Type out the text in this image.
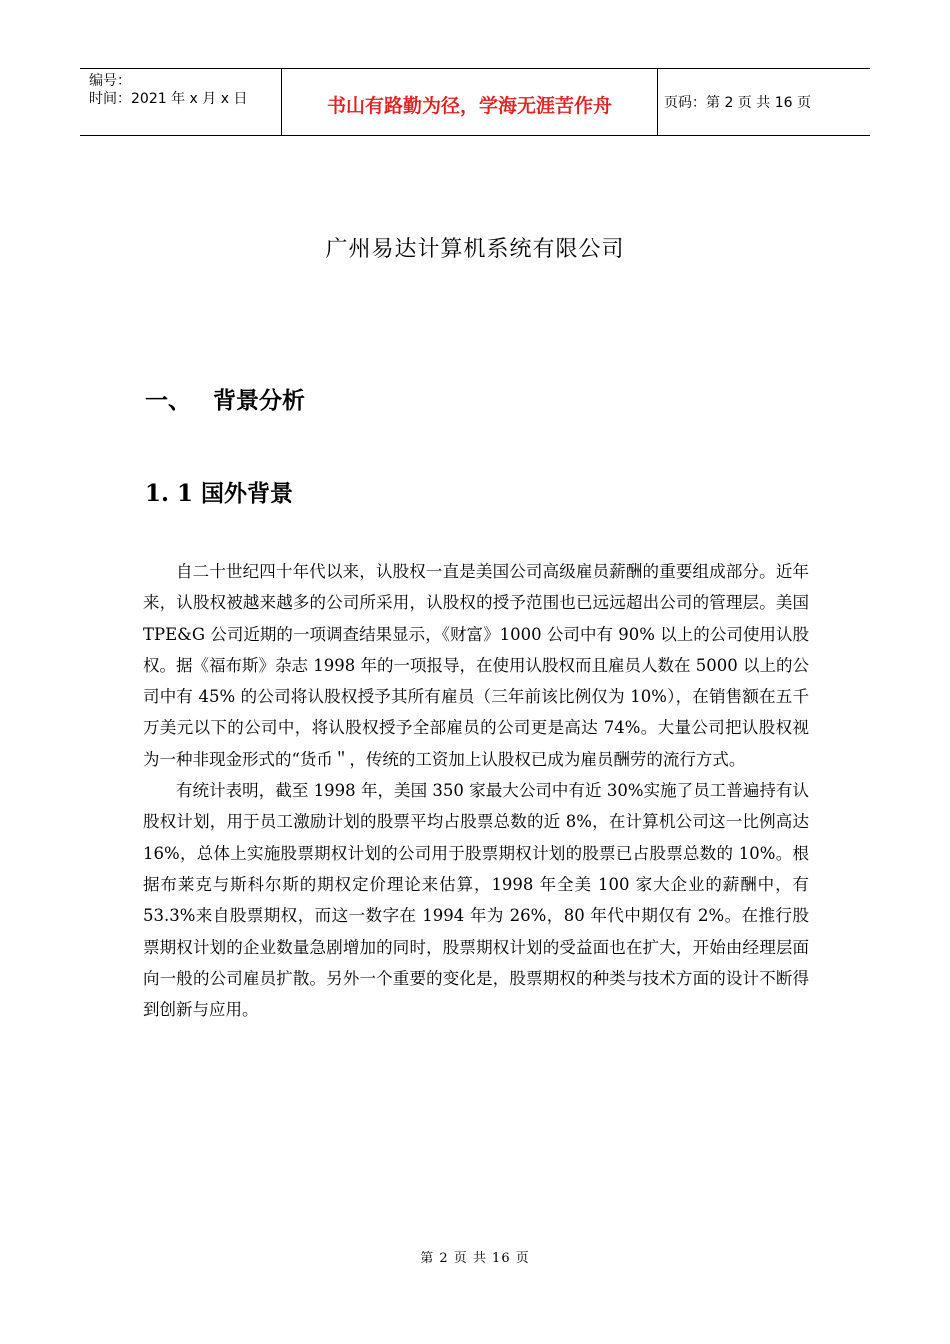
编号：
时间：2021 年 x 月 x 日	书山有路勤为径，学海无涯苦作舟	页码：第 2 页 共 16 页
广州易达计算机系统有限公司
一、 背景分析
1. 1 国外背景

自二十世纪四十年代以来，认股权一直是美国公司高级雇员薪酬的重要组成部分。近年来，认股权被越来越多的公司所采用，认股权的授予范围也已远远超出公司的管理层。美国 TPE&G 公司近期的一项调查结果显示，《财富》1000 公司中有 90% 以上的公司使用认股权。据《福布斯》杂志 1998 年的一项报导，在使用认股权而且雇员人数在 5000 以上的公司中有 45% 的公司将认股权授予其所有雇员（三年前该比例仅为 10%），在销售额在五千万美元以下的公司中，将认股权授予全部雇员的公司更是高达 74%。大量公司把认股权视为一种非现金形式的“货币＂，传统的工资加上认股权已成为雇员酬劳的流行方式。

有统计表明，截至 1998 年，美国 350 家最大公司中有近 30%实施了员工普遍持有认股权计划，用于员工激励计划的股票平均占股票总数的近 8%，在计算机公司这一比例高达 16%，总体上实施股票期权计划的公司用于股票期权计划的股票已占股票总数的 10%。根据布莱克与斯科尔斯的期权定价理论来估算，1998 年全美 100 家大企业的薪酬中，有 53.3%来自股票期权，而这一数字在 1994 年为 26%，80 年代中期仅有 2%。在推行股票期权计划的企业数量急剧增加的同时，股票期权计划的受益面也在扩大，开始由经理层面向一般的公司雇员扩散。另外一个重要的变化是，股票期权的种类与技术方面的设计不断得到创新与应用。

第 2 页 共 16 页
